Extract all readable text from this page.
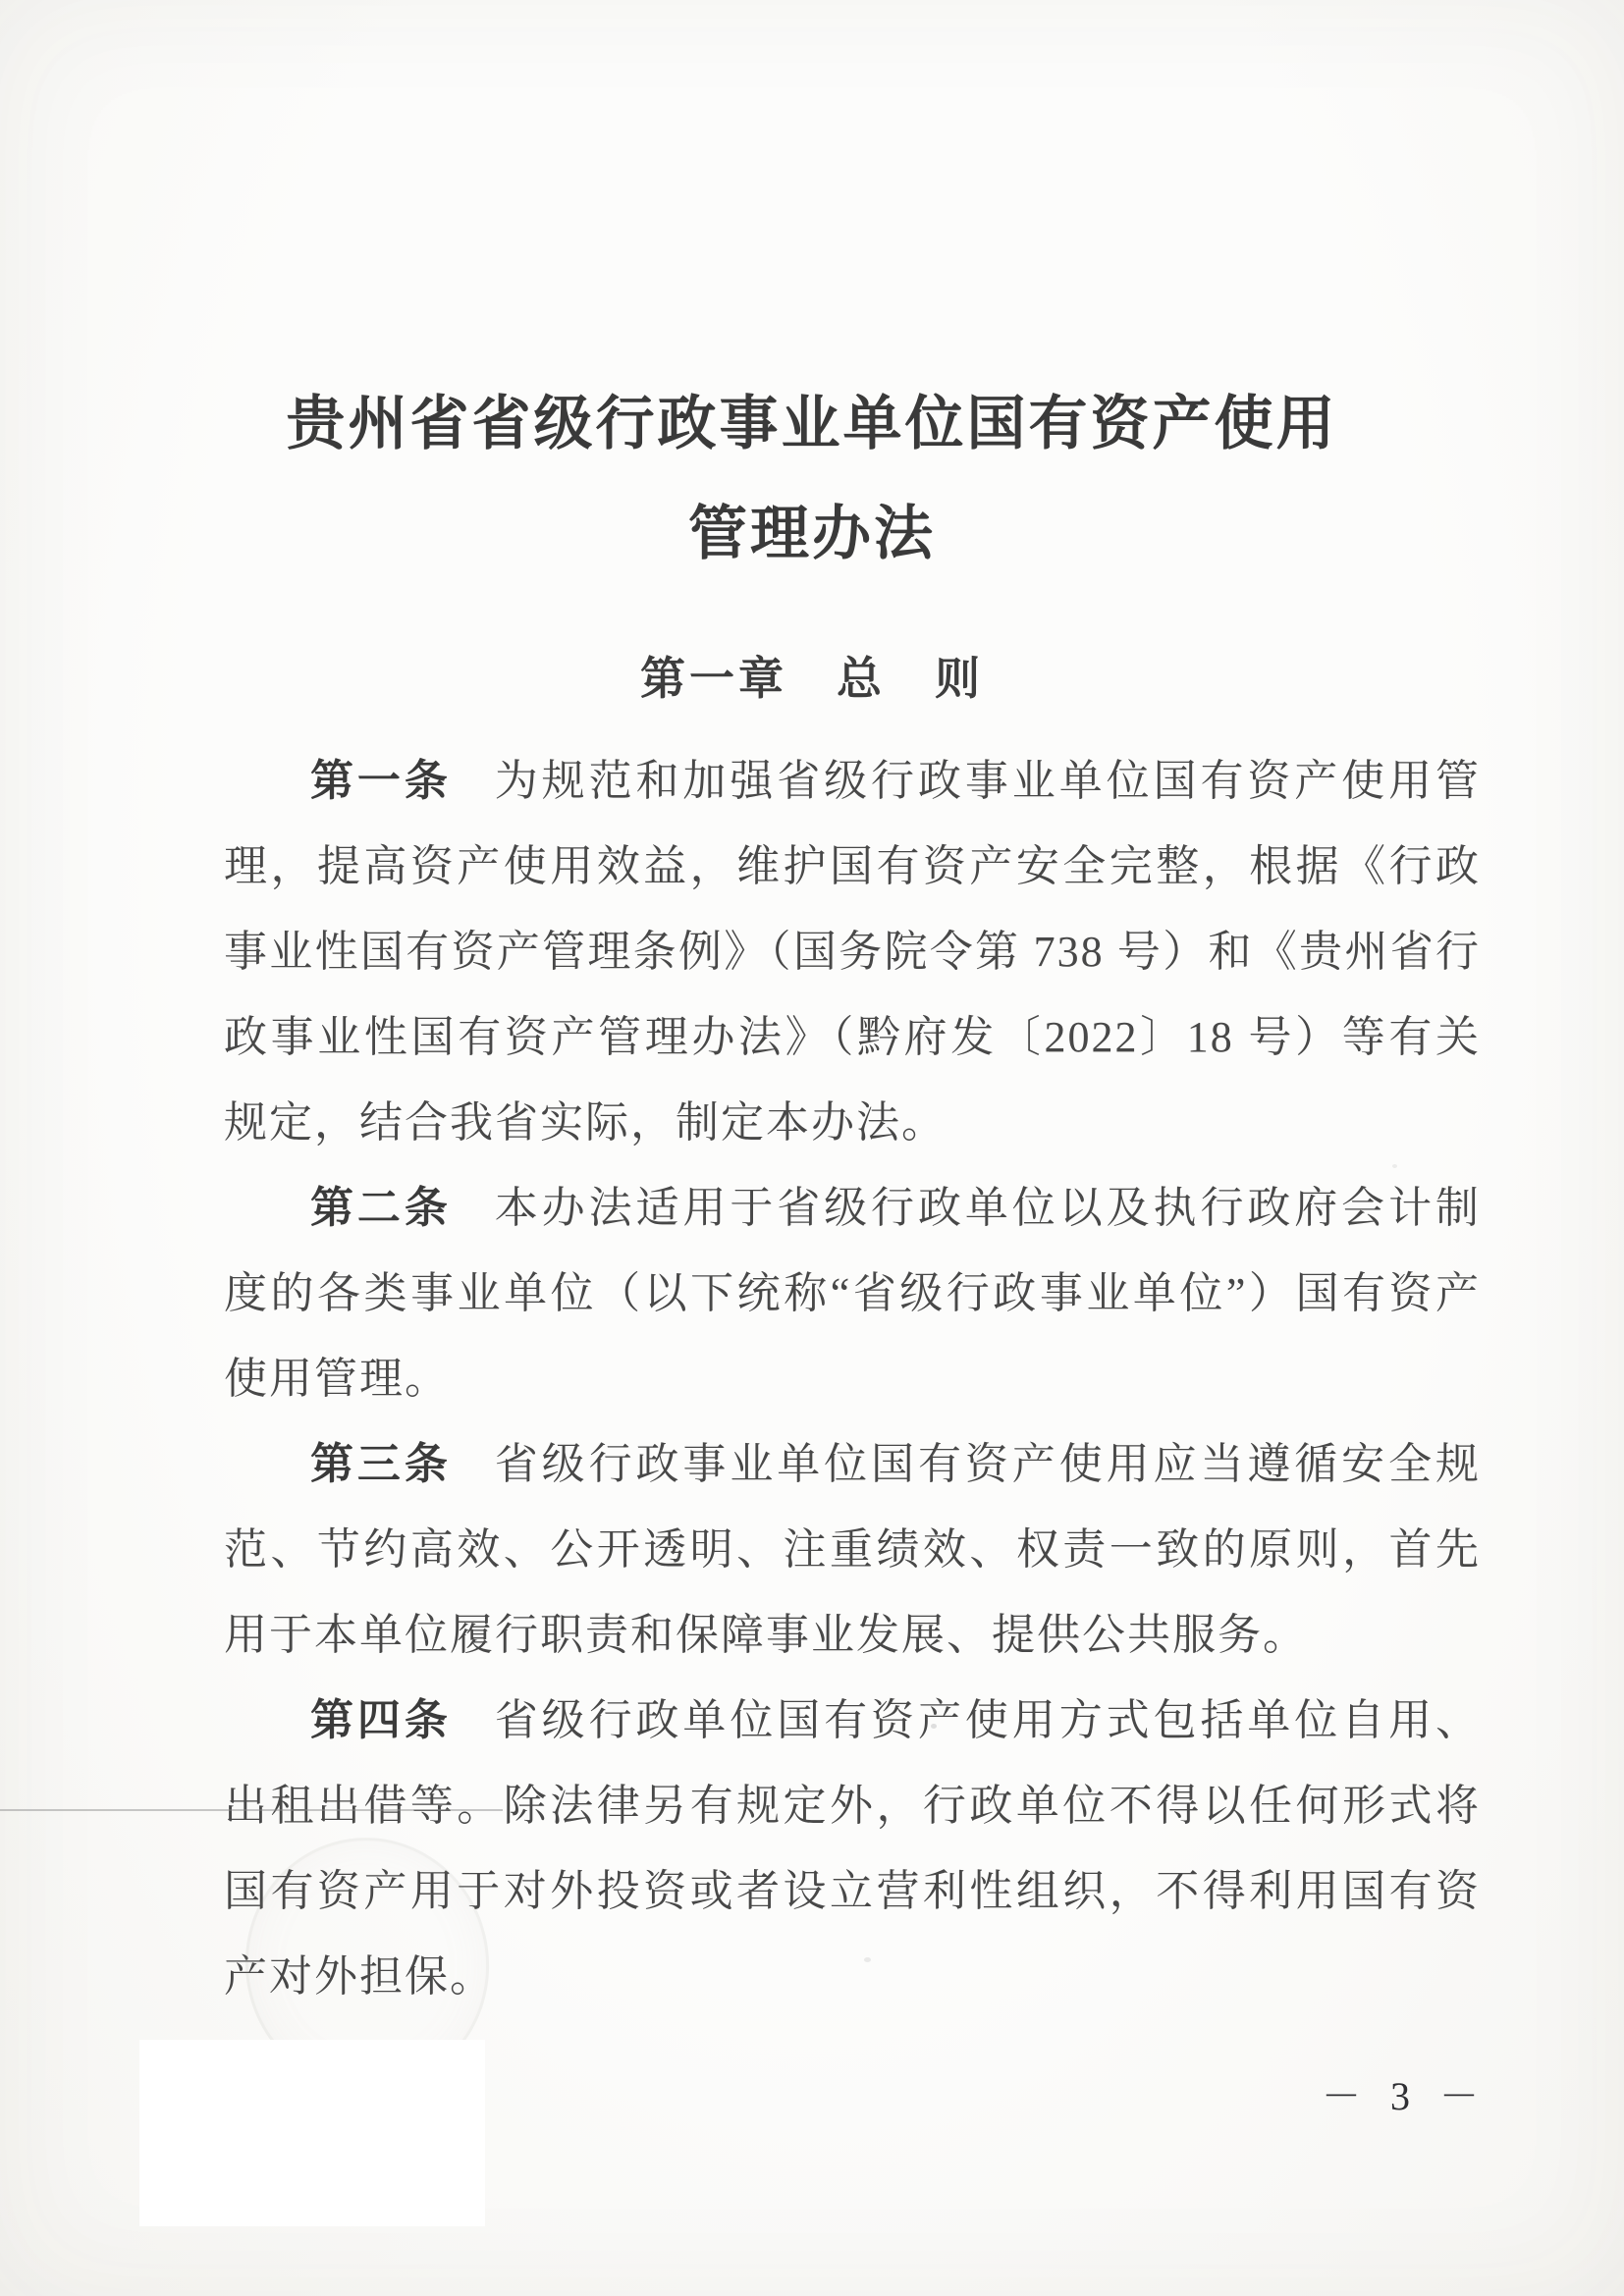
贵州省省级行政事业单位国有资产使用
管理办法
第一章　总　则

第一条 为规范和加强省级行政事业单位国有资产使用管理，提高资产使用效益，维护国有资产安全完整，根据《行政事业性国有资产管理条例》（国务院令第 738 号）和《贵州省行政事业性国有资产管理办法》（黔府发〔2022〕18 号）等有关规定，结合我省实际，制定本办法。

第二条 本办法适用于省级行政单位以及执行政府会计制度的各类事业单位（以下统称“省级行政事业单位”）国有资产使用管理。

第三条 省级行政事业单位国有资产使用应当遵循安全规范、节约高效、公开透明、注重绩效、权责一致的原则，首先用于本单位履行职责和保障事业发展、提供公共服务。

第四条 省级行政单位国有资产使用方式包括单位自用、出租出借等。除法律另有规定外，行政单位不得以任何形式将国有资产用于对外投资或者设立营利性组织，不得利用国有资产对外担保。

－ 3 －
